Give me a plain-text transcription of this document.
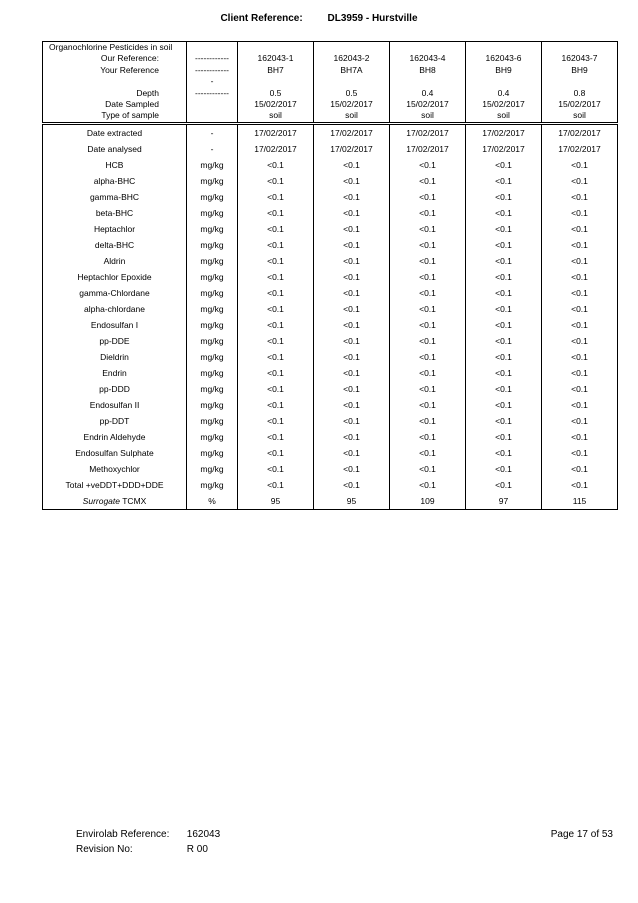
Client Reference: DL3959 - Hurstville
Organochlorine Pesticides in soil						
Our Reference:	------------	162043-1	162043-2	162043-4	162043-6	162043-7
Your Reference	------------	BH7	BH7A	BH8	BH9	BH9
	-					
Depth	------------	0.5	0.5	0.4	0.4	0.8
Date Sampled		15/02/2017	15/02/2017	15/02/2017	15/02/2017	15/02/2017
Type of sample		soil	soil	soil	soil	soil

Date extracted	-	17/02/2017	17/02/2017	17/02/2017	17/02/2017	17/02/2017
Date analysed	-	17/02/2017	17/02/2017	17/02/2017	17/02/2017	17/02/2017
HCB	mg/kg	<0.1	<0.1	<0.1	<0.1	<0.1
alpha-BHC	mg/kg	<0.1	<0.1	<0.1	<0.1	<0.1
gamma-BHC	mg/kg	<0.1	<0.1	<0.1	<0.1	<0.1
beta-BHC	mg/kg	<0.1	<0.1	<0.1	<0.1	<0.1
Heptachlor	mg/kg	<0.1	<0.1	<0.1	<0.1	<0.1
delta-BHC	mg/kg	<0.1	<0.1	<0.1	<0.1	<0.1
Aldrin	mg/kg	<0.1	<0.1	<0.1	<0.1	<0.1
Heptachlor Epoxide	mg/kg	<0.1	<0.1	<0.1	<0.1	<0.1
gamma-Chlordane	mg/kg	<0.1	<0.1	<0.1	<0.1	<0.1
alpha-chlordane	mg/kg	<0.1	<0.1	<0.1	<0.1	<0.1
Endosulfan I	mg/kg	<0.1	<0.1	<0.1	<0.1	<0.1
pp-DDE	mg/kg	<0.1	<0.1	<0.1	<0.1	<0.1
Dieldrin	mg/kg	<0.1	<0.1	<0.1	<0.1	<0.1
Endrin	mg/kg	<0.1	<0.1	<0.1	<0.1	<0.1
pp-DDD	mg/kg	<0.1	<0.1	<0.1	<0.1	<0.1
Endosulfan II	mg/kg	<0.1	<0.1	<0.1	<0.1	<0.1
pp-DDT	mg/kg	<0.1	<0.1	<0.1	<0.1	<0.1
Endrin Aldehyde	mg/kg	<0.1	<0.1	<0.1	<0.1	<0.1
Endosulfan Sulphate	mg/kg	<0.1	<0.1	<0.1	<0.1	<0.1
Methoxychlor	mg/kg	<0.1	<0.1	<0.1	<0.1	<0.1
Total +veDDT+DDD+DDE	mg/kg	<0.1	<0.1	<0.1	<0.1	<0.1
Surrogate TCMX	%	95	95	109	97	115
Envirolab Reference: 162043
Revision No:	R 00
Page 17 of 53
